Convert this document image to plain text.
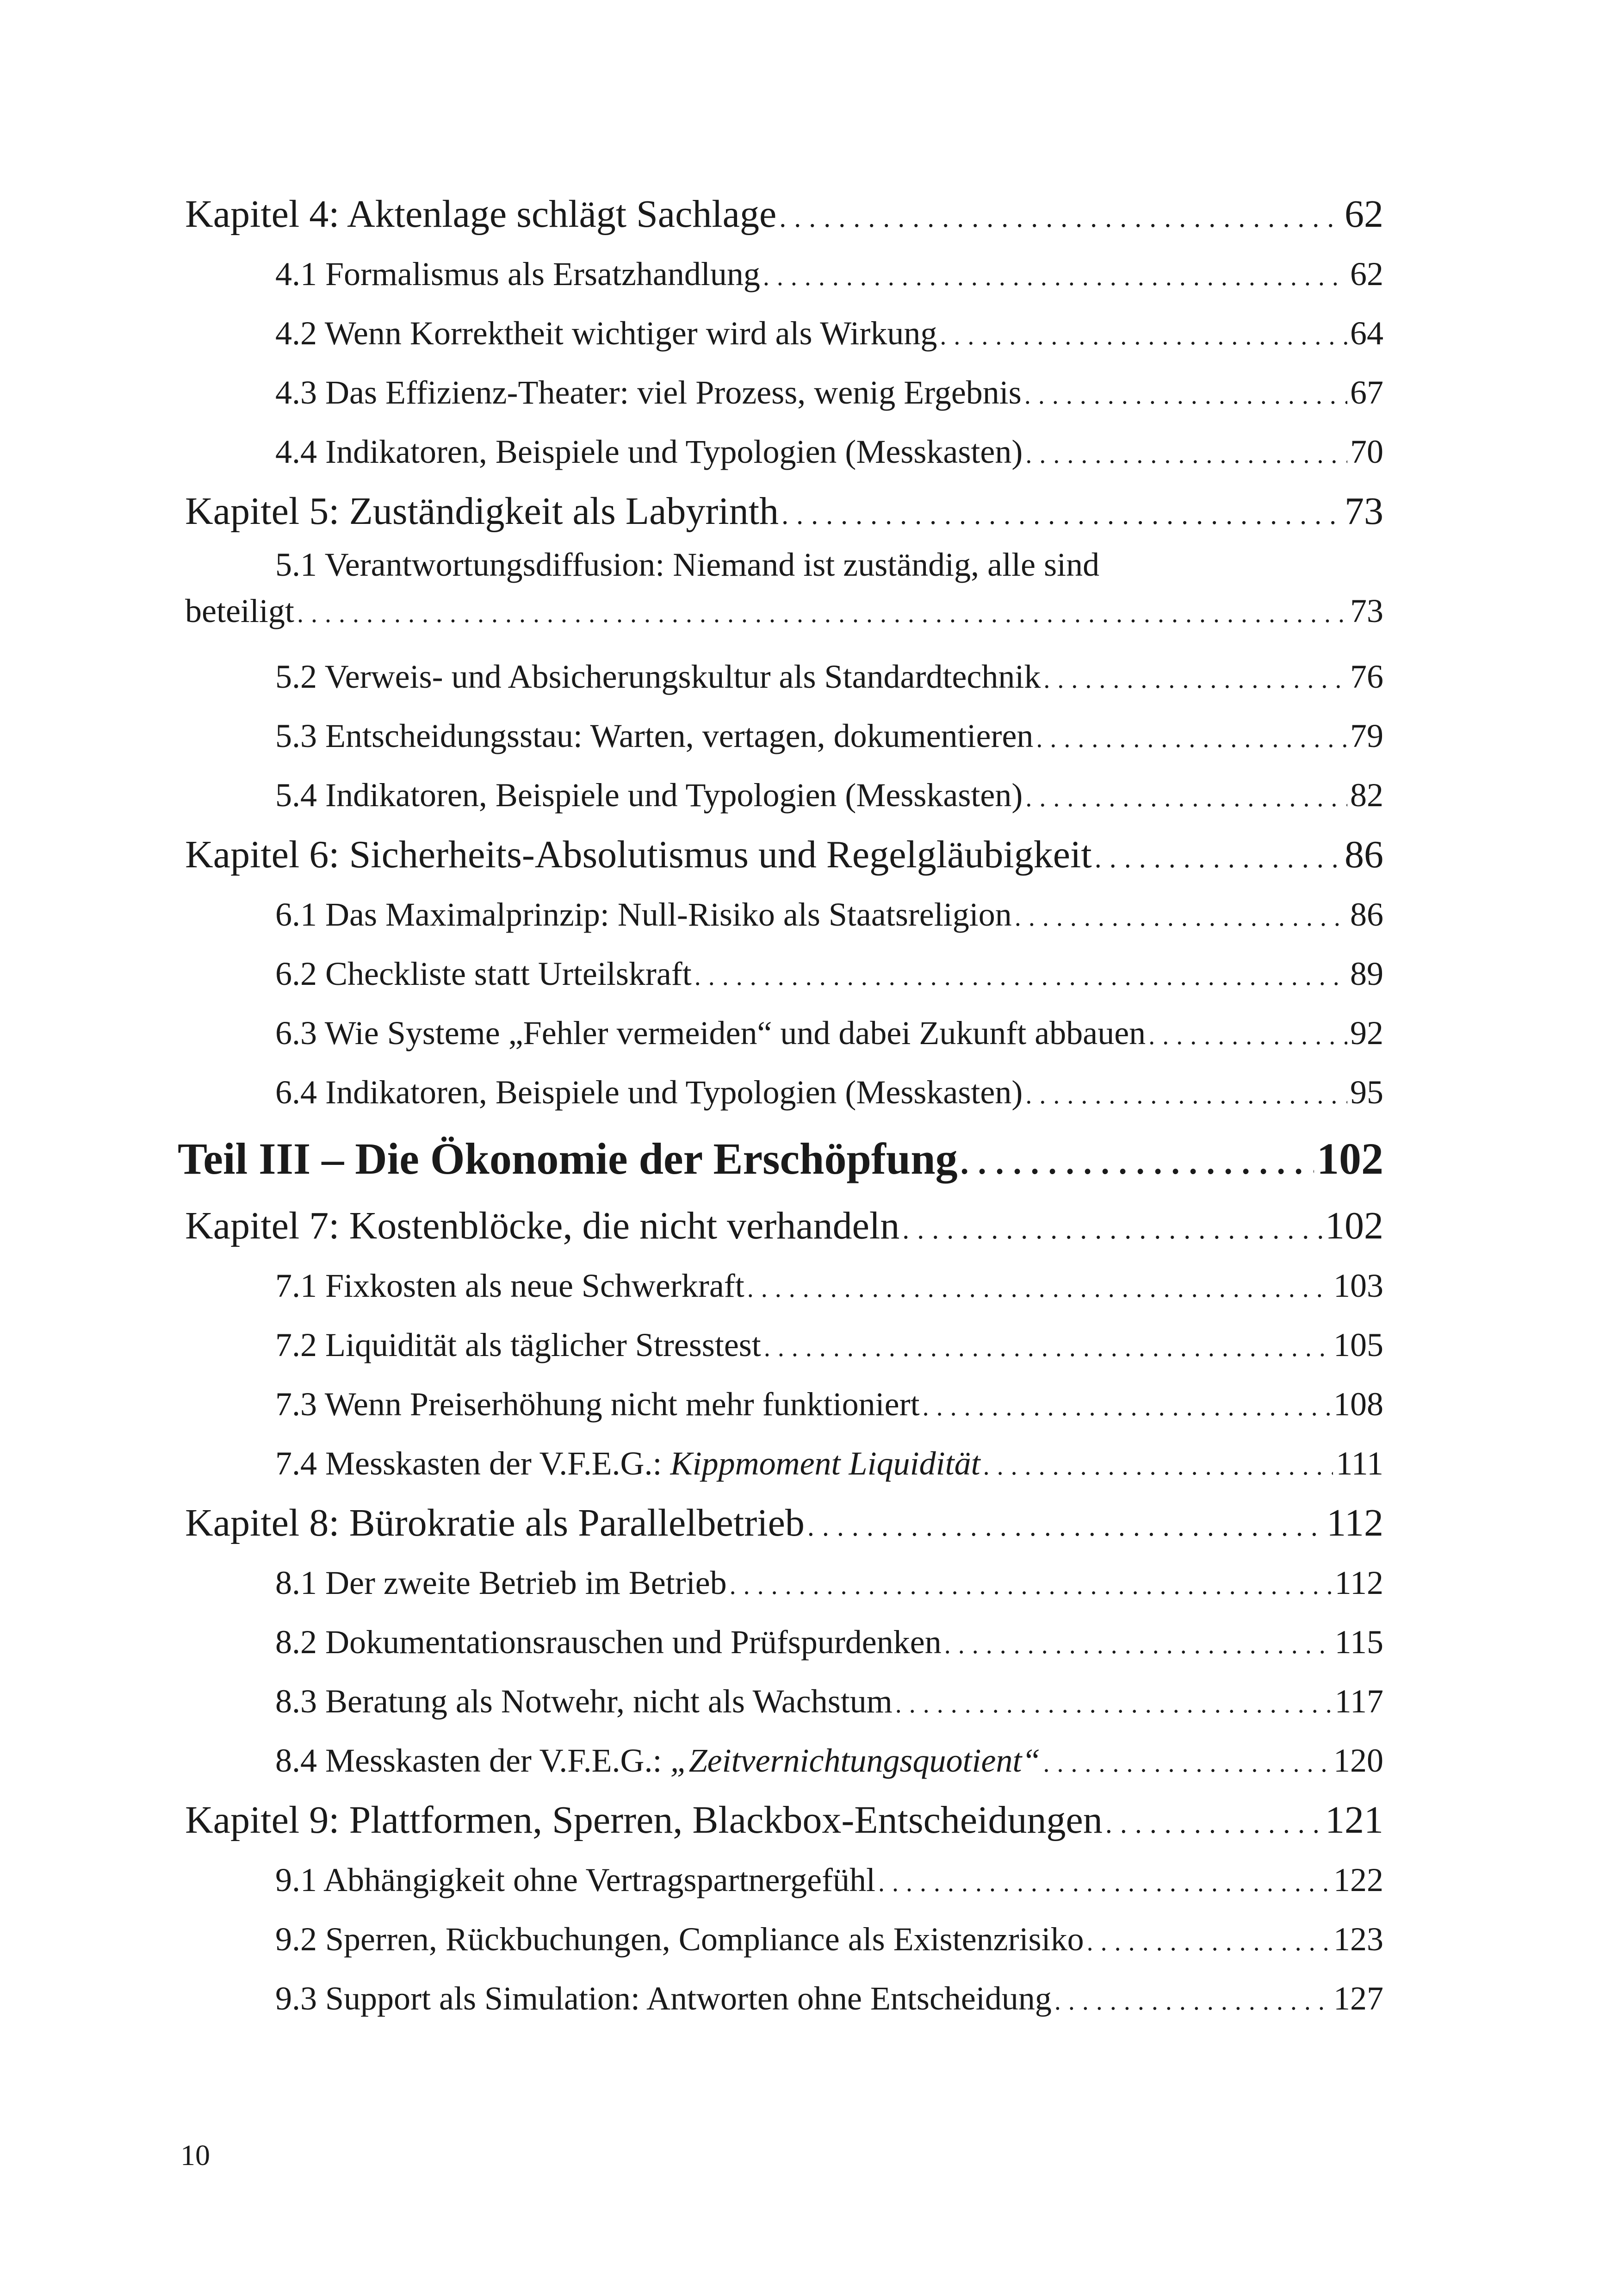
Kapitel 4: Aktenlage schlägt Sachlage . . .	62
4.1 Formalismus als Ersatzhandlung . . .	62
4.2 Wenn Korrektheit wichtiger wird als Wirkung . . .	64
4.3 Das Effizienz-Theater: viel Prozess, wenig Ergebnis . . .	67
4.4 Indikatoren, Beispiele und Typologien (Messkasten) . . .	70
Kapitel 5: Zuständigkeit als Labyrinth . . .	73
5.1 Verantwortungsdiffusion: Niemand ist zuständig, alle sind
beteiligt . . .	73
5.2 Verweis- und Absicherungskultur als Standardtechnik . . .	76
5.3 Entscheidungsstau: Warten, vertagen, dokumentieren . . .	79
5.4 Indikatoren, Beispiele und Typologien (Messkasten) . . .	82
Kapitel 6: Sicherheits-Absolutismus und Regelgläubigkeit . . .	86
6.1 Das Maximalprinzip: Null-Risiko als Staatsreligion . . .	86
6.2 Checkliste statt Urteilskraft . . .	89
6.3 Wie Systeme „Fehler vermeiden“ und dabei Zukunft abbauen . . .	92
6.4 Indikatoren, Beispiele und Typologien (Messkasten) . . .	95
Teil III – Die Ökonomie der Erschöpfung . . .	102
Kapitel 7: Kostenblöcke, die nicht verhandeln . . .	102
7.1 Fixkosten als neue Schwerkraft . . .	103
7.2 Liquidität als täglicher Stresstest . . .	105
7.3 Wenn Preiserhöhung nicht mehr funktioniert . . .	108
7.4 Messkasten der V.F.E.G.: Kippmoment Liquidität . . .	111
Kapitel 8: Bürokratie als Parallelbetrieb . . .	112
8.1 Der zweite Betrieb im Betrieb . . .	112
8.2 Dokumentationsrauschen und Prüfspurdenken . . .	115
8.3 Beratung als Notwehr, nicht als Wachstum . . .	117
8.4 Messkasten der V.F.E.G.: „Zeitvernichtungsquotient“ . . .	120
Kapitel 9: Plattformen, Sperren, Blackbox-Entscheidungen . . .	121
9.1 Abhängigkeit ohne Vertragspartnergefühl . . .	122
9.2 Sperren, Rückbuchungen, Compliance als Existenzrisiko . . .	123
9.3 Support als Simulation: Antworten ohne Entscheidung . . .	127
10
